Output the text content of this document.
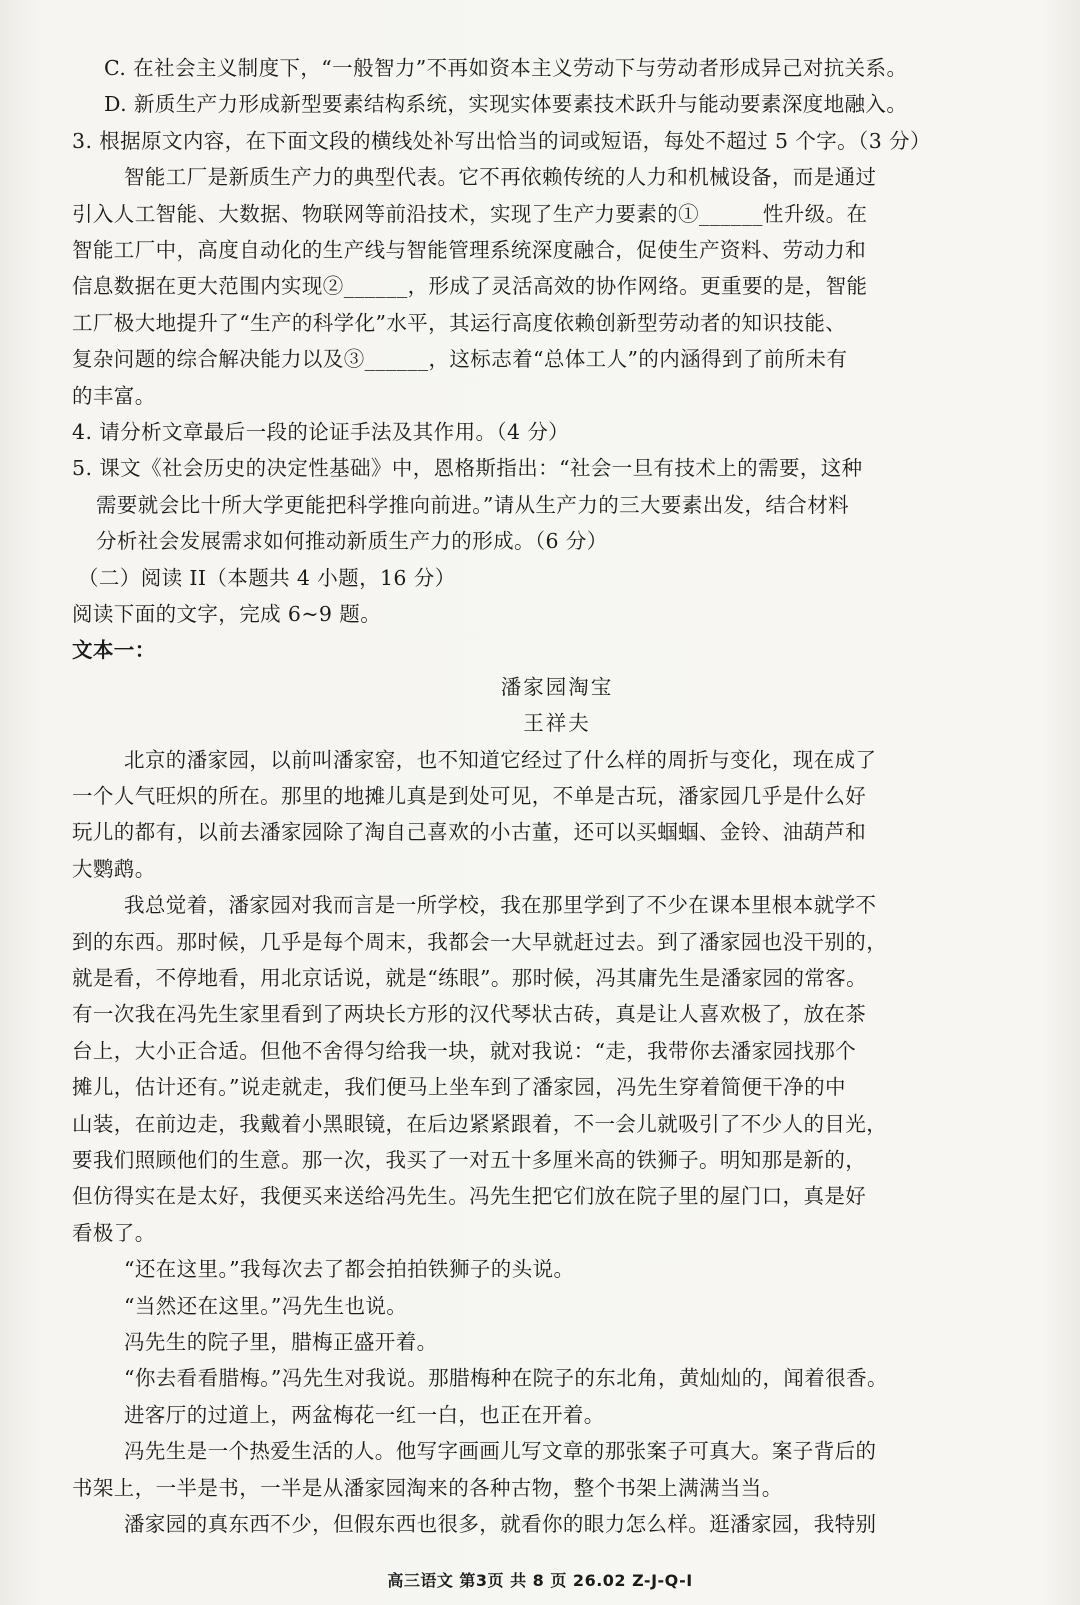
C. 在社会主义制度下，“一般智力”不再如资本主义劳动下与劳动者形成异己对抗关系。
D. 新质生产力形成新型要素结构系统，实现实体要素技术跃升与能动要素深度地融入。
3. 根据原文内容，在下面文段的横线处补写出恰当的词或短语，每处不超过 5 个字。（3 分）
智能工厂是新质生产力的典型代表。它不再依赖传统的人力和机械设备，而是通过
引入人工智能、大数据、物联网等前沿技术，实现了生产力要素的①______性升级。在
智能工厂中，高度自动化的生产线与智能管理系统深度融合，促使生产资料、劳动力和
信息数据在更大范围内实现②______，形成了灵活高效的协作网络。更重要的是，智能
工厂极大地提升了“生产的科学化”水平，其运行高度依赖创新型劳动者的知识技能、
复杂问题的综合解决能力以及③______，这标志着“总体工人”的内涵得到了前所未有
的丰富。
4. 请分析文章最后一段的论证手法及其作用。（4 分）
5. 课文《社会历史的决定性基础》中，恩格斯指出：“社会一旦有技术上的需要，这种
需要就会比十所大学更能把科学推向前进。”请从生产力的三大要素出发，结合材料
分析社会发展需求如何推动新质生产力的形成。（6 分）
（二）阅读 II（本题共 4 小题，16 分）
阅读下面的文字，完成 6~9 题。
文本一：
潘家园淘宝
王祥夫
北京的潘家园，以前叫潘家窑，也不知道它经过了什么样的周折与变化，现在成了
一个人气旺炽的所在。那里的地摊儿真是到处可见，不单是古玩，潘家园几乎是什么好
玩儿的都有，以前去潘家园除了淘自己喜欢的小古董，还可以买蝈蝈、金铃、油葫芦和
大鹦鹉。
我总觉着，潘家园对我而言是一所学校，我在那里学到了不少在课本里根本就学不
到的东西。那时候，几乎是每个周末，我都会一大早就赶过去。到了潘家园也没干别的，
就是看，不停地看，用北京话说，就是“练眼”。那时候，冯其庸先生是潘家园的常客。
有一次我在冯先生家里看到了两块长方形的汉代琴状古砖，真是让人喜欢极了，放在茶
台上，大小正合适。但他不舍得匀给我一块，就对我说：“走，我带你去潘家园找那个
摊儿，估计还有。”说走就走，我们便马上坐车到了潘家园，冯先生穿着简便干净的中
山装，在前边走，我戴着小黑眼镜，在后边紧紧跟着，不一会儿就吸引了不少人的目光，
要我们照顾他们的生意。那一次，我买了一对五十多厘米高的铁狮子。明知那是新的，
但仿得实在是太好，我便买来送给冯先生。冯先生把它们放在院子里的屋门口，真是好
看极了。
“还在这里。”我每次去了都会拍拍铁狮子的头说。
“当然还在这里。”冯先生也说。
冯先生的院子里，腊梅正盛开着。
“你去看看腊梅。”冯先生对我说。那腊梅种在院子的东北角，黄灿灿的，闻着很香。
进客厅的过道上，两盆梅花一红一白，也正在开着。
冯先生是一个热爱生活的人。他写字画画儿写文章的那张案子可真大。案子背后的
书架上，一半是书，一半是从潘家园淘来的各种古物，整个书架上满满当当。
潘家园的真东西不少，但假东西也很多，就看你的眼力怎么样。逛潘家园，我特别
高三语文 第3页 共 8 页 26.02 Z-J-Q-I
